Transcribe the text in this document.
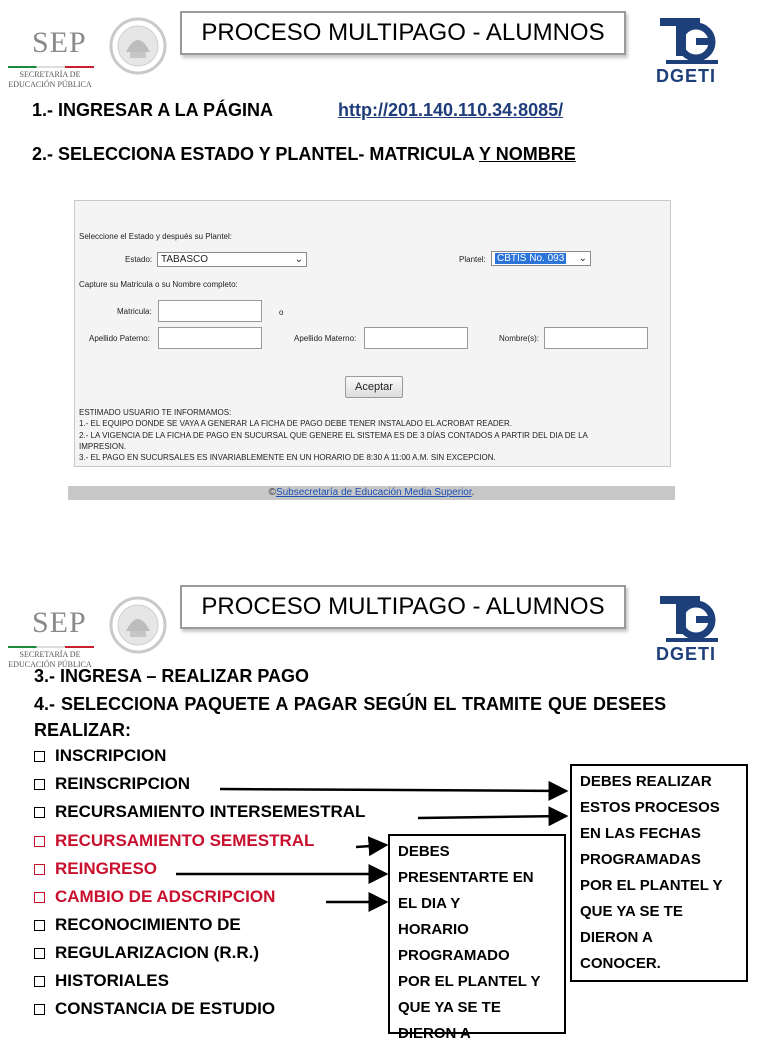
SEP
SECRETARÍA DE
EDUCACIÓN PÚBLICA
PROCESO MULTIPAGO - ALUMNOS
DGETI
1.- INGRESAR A LA PÁGINA	http://201.140.110.34:8085/
2.- SELECCIONA ESTADO Y PLANTEL- MATRICULA Y NOMBRE
Seleccione el Estado y después su Plantel:
Estado: TABASCO	⌄	Plantel:	CBTIS No. 093 ⌄
Capture su Matricula o su Nombre completo:
Matricula:	o
Apellido Paterno:	Apellido Materno:	Nombre(s):
Aceptar
ESTIMADO USUARIO TE INFORMAMOS:
1.- EL EQUIPO DONDE SE VAYA A GENERAR LA FICHA DE PAGO DEBE TENER INSTALADO EL ACROBAT READER.
2.- LA VIGENCIA DE LA FICHA DE PAGO EN SUCURSAL QUE GENERE EL SISTEMA ES DE 3 DÍAS CONTADOS A PARTIR DEL DIA DE LA
IMPRESION.
3.- EL PAGO EN SUCURSALES ES INVARIABLEMENTE EN UN HORARIO DE 8:30 A 11:00 A.M. SIN EXCEPCION.
©Subsecretaría de Educación Media Superior.
SEP
SECRETARÍA DE
EDUCACIÓN PÚBLICA
PROCESO MULTIPAGO - ALUMNOS
DGETI
3.- INGRESA – REALIZAR PAGO
4.- SELECCIONA PAQUETE A PAGAR SEGÚN EL TRAMITE QUE DESEES
REALIZAR:
INSCRIPCION
REINSCRIPCION
RECURSAMIENTO INTERSEMESTRAL
RECURSAMIENTO SEMESTRAL
REINGRESO
CAMBIO DE ADSCRIPCION
RECONOCIMIENTO DE
REGULARIZACION (R.R.)
HISTORIALES
CONSTANCIA DE ESTUDIO
DEBES REALIZAR
ESTOS PROCESOS
EN LAS FECHAS
PROGRAMADAS
POR EL PLANTEL Y
QUE YA SE TE
DIERON A
CONOCER.
DEBES
PRESENTARTE EN
EL DIA Y
HORARIO
PROGRAMADO
POR EL PLANTEL Y
QUE YA SE TE
DIERON A
